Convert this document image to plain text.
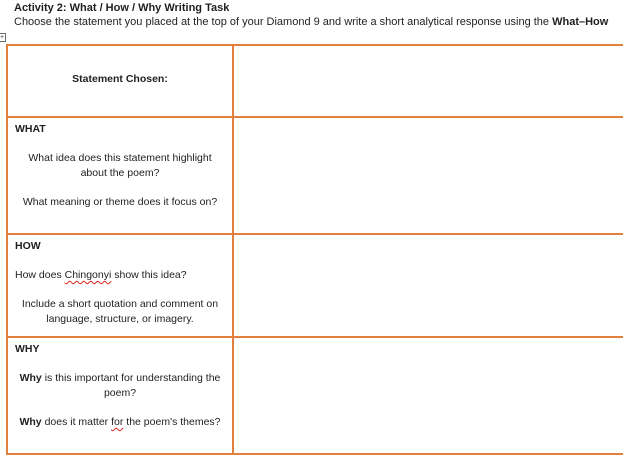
Activity 2: What / How / Why Writing Task
Choose the statement you placed at the top of your Diamond 9 and write a short analytical response using the What–How
+
Statement Chosen:	

WHAT
What idea does this statement highlight about the poem?
What meaning or theme does it focus on?	

HOW
How does Chingonyi show this idea?
Include a short quotation and comment on language, structure, or imagery.	

WHY
Why is this important for understanding the poem?
Why does it matter for the poem's themes?	
